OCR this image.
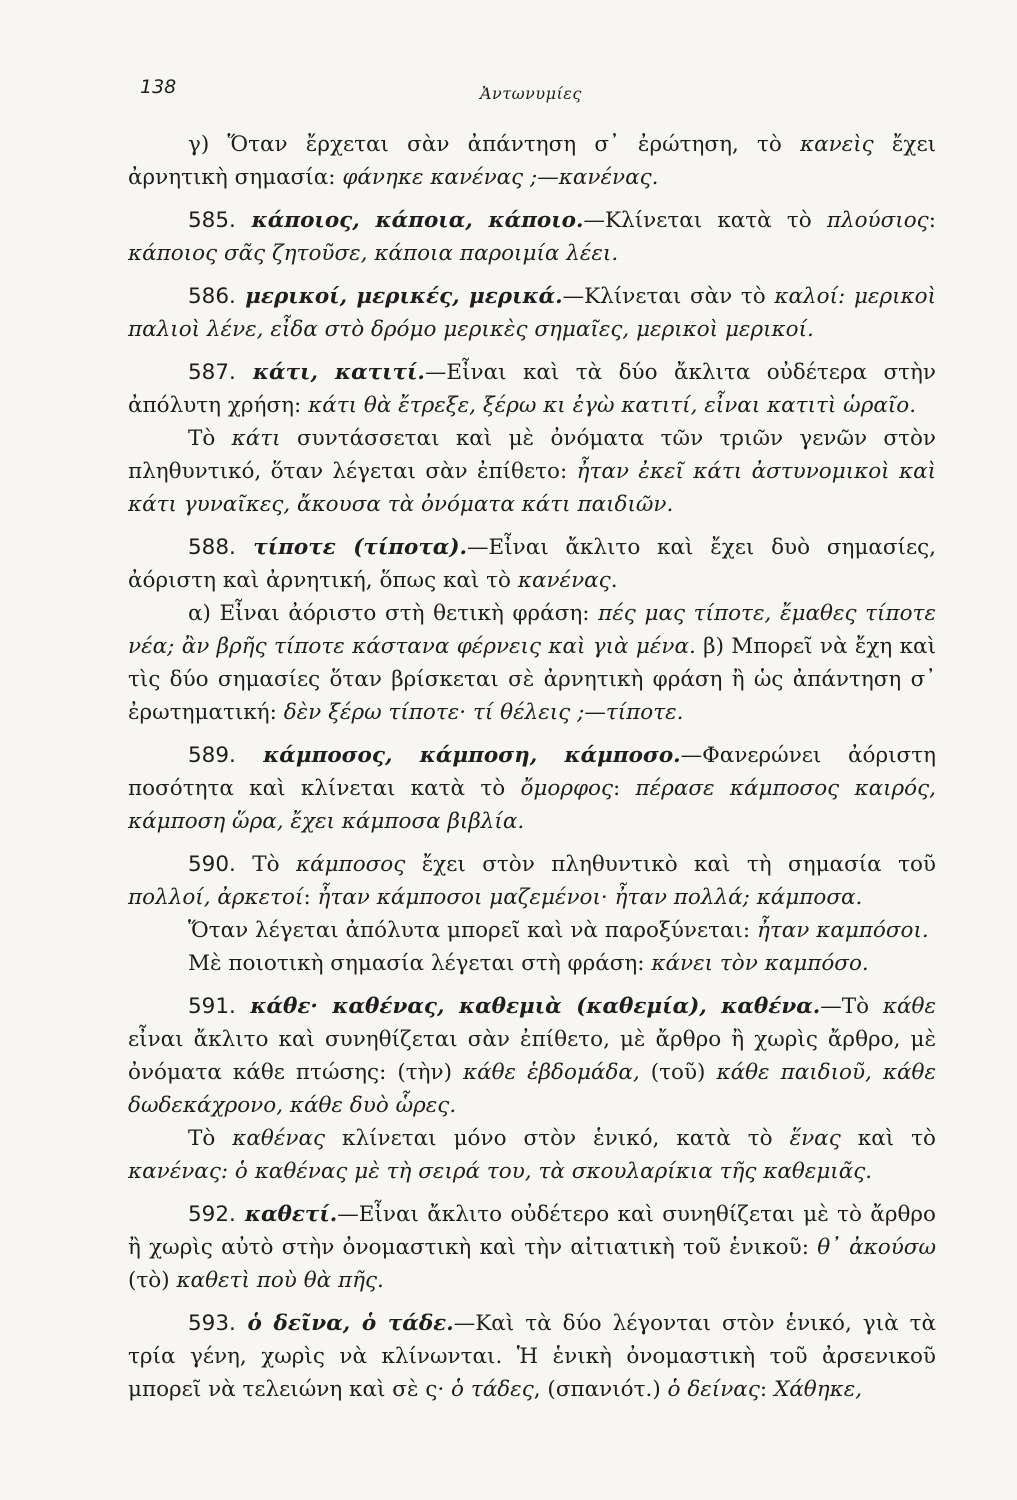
138	Ἀντωνυμίες

γ) Ὅταν ἔρχεται σὰν ἀπάντηση σ᾽ ἐρώτηση, τὸ κανεὶς ἔχει ἀρνητικὴ σημασία: φάνηκε κανένας ;—κανένας.

585. κάποιος, κάποια, κάποιο.—Κλίνεται κατὰ τὸ πλούσιος: κάποιος σᾶς ζητοῦσε, κάποια παροιμία λέει.

586. μερικοί, μερικές, μερικά.—Κλίνεται σὰν τὸ καλοί: μερικοὶ παλιοὶ λένε, εἶδα στὸ δρόμο μερικὲς σημαῖες, μερικοὶ μερικοί.

587. κάτι, κατιτί.—Εἶναι καὶ τὰ δύο ἄκλιτα οὐδέτερα στὴν ἀπόλυτη χρήση: κάτι θὰ ἔτρεξε, ξέρω κι ἐγὼ κατιτί, εἶναι κατιτὶ ὡραῖο.

Τὸ κάτι συντάσσεται καὶ μὲ ὀνόματα τῶν τριῶν γενῶν στὸν πληθυντικό, ὅταν λέγεται σὰν ἐπίθετο: ἦταν ἐκεῖ κάτι ἀστυνομικοὶ καὶ κάτι γυναῖκες, ἄκουσα τὰ ὀνόματα κάτι παιδιῶν.

588. τίποτε (τίποτα).—Εἶναι ἄκλιτο καὶ ἔχει δυὸ σημασίες, ἀόριστη καὶ ἀρνητική, ὅπως καὶ τὸ κανένας.

α) Εἶναι ἀόριστο στὴ θετικὴ φράση: πές μας τίποτε, ἔμαθες τίποτε νέα; ἂν βρῆς τίποτε κάστανα φέρνεις καὶ γιὰ μένα. β) Μπορεῖ νὰ ἔχη καὶ τὶς δύο σημασίες ὅταν βρίσκεται σὲ ἀρνητικὴ φράση ἢ ὡς ἀπάντηση σ᾽ ἐρωτηματική: δὲν ξέρω τίποτε· τί θέλεις ;—τίποτε.

589. κάμποσος, κάμποση, κάμποσο.—Φανερώνει ἀόριστη ποσότητα καὶ κλίνεται κατὰ τὸ ὄμορφος: πέρασε κάμποσος καιρός, κάμποση ὥρα, ἔχει κάμποσα βιβλία.

590. Τὸ κάμποσος ἔχει στὸν πληθυντικὸ καὶ τὴ σημασία τοῦ πολλοί, ἀρκετοί: ἦταν κάμποσοι μαζεμένοι· ἦταν πολλά; κάμποσα.

Ὅταν λέγεται ἀπόλυτα μπορεῖ καὶ νὰ παροξύνεται: ἦταν καμπόσοι.

Μὲ ποιοτικὴ σημασία λέγεται στὴ φράση: κάνει τὸν καμπόσο.

591. κάθε· καθένας, καθεμιὰ (καθεμία), καθένα.—Τὸ κάθε εἶναι ἄκλιτο καὶ συνηθίζεται σὰν ἐπίθετο, μὲ ἄρθρο ἢ χωρὶς ἄρθρο, μὲ ὀνόματα κάθε πτώσης: (τὴν) κάθε ἑβδομάδα, (τοῦ) κάθε παιδιοῦ, κάθε δωδεκάχρονο, κάθε δυὸ ὧρες.

Τὸ καθένας κλίνεται μόνο στὸν ἑνικό, κατὰ τὸ ἕνας καὶ τὸ κανένας: ὁ καθένας μὲ τὴ σειρά του, τὰ σκουλαρίκια τῆς καθεμιᾶς.

592. καθετί.—Εἶναι ἄκλιτο οὐδέτερο καὶ συνηθίζεται μὲ τὸ ἄρθρο ἢ χωρὶς αὐτὸ στὴν ὀνομαστικὴ καὶ τὴν αἰτιατικὴ τοῦ ἑνικοῦ: θ᾽ ἀκούσω (τὸ) καθετὶ ποὺ θὰ πῆς.

593. ὁ δεῖνα, ὁ τάδε.—Καὶ τὰ δύο λέγονται στὸν ἑνικό, γιὰ τὰ τρία γένη, χωρὶς νὰ κλίνωνται. Ἡ ἑνικὴ ὀνομαστικὴ τοῦ ἀρσενικοῦ μπορεῖ νὰ τελειώνη καὶ σὲ ς· ὁ τάδες, (σπανιότ.) ὁ δείνας: Χάθηκε,
